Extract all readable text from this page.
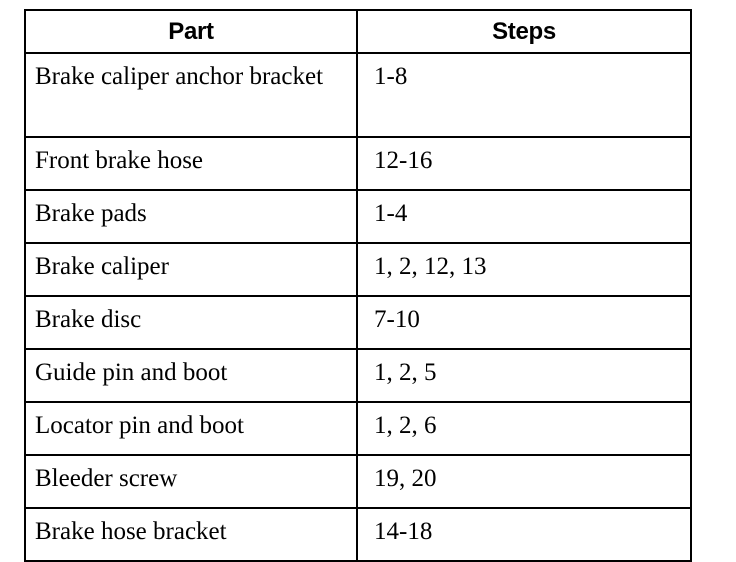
Part	Steps
Brake caliper anchor bracket	1-8
Front brake hose	12-16
Brake pads	1-4
Brake caliper	1, 2, 12, 13
Brake disc	7-10
Guide pin and boot	1, 2, 5
Locator pin and boot	1, 2, 6
Bleeder screw	19, 20
Brake hose bracket	14-18
